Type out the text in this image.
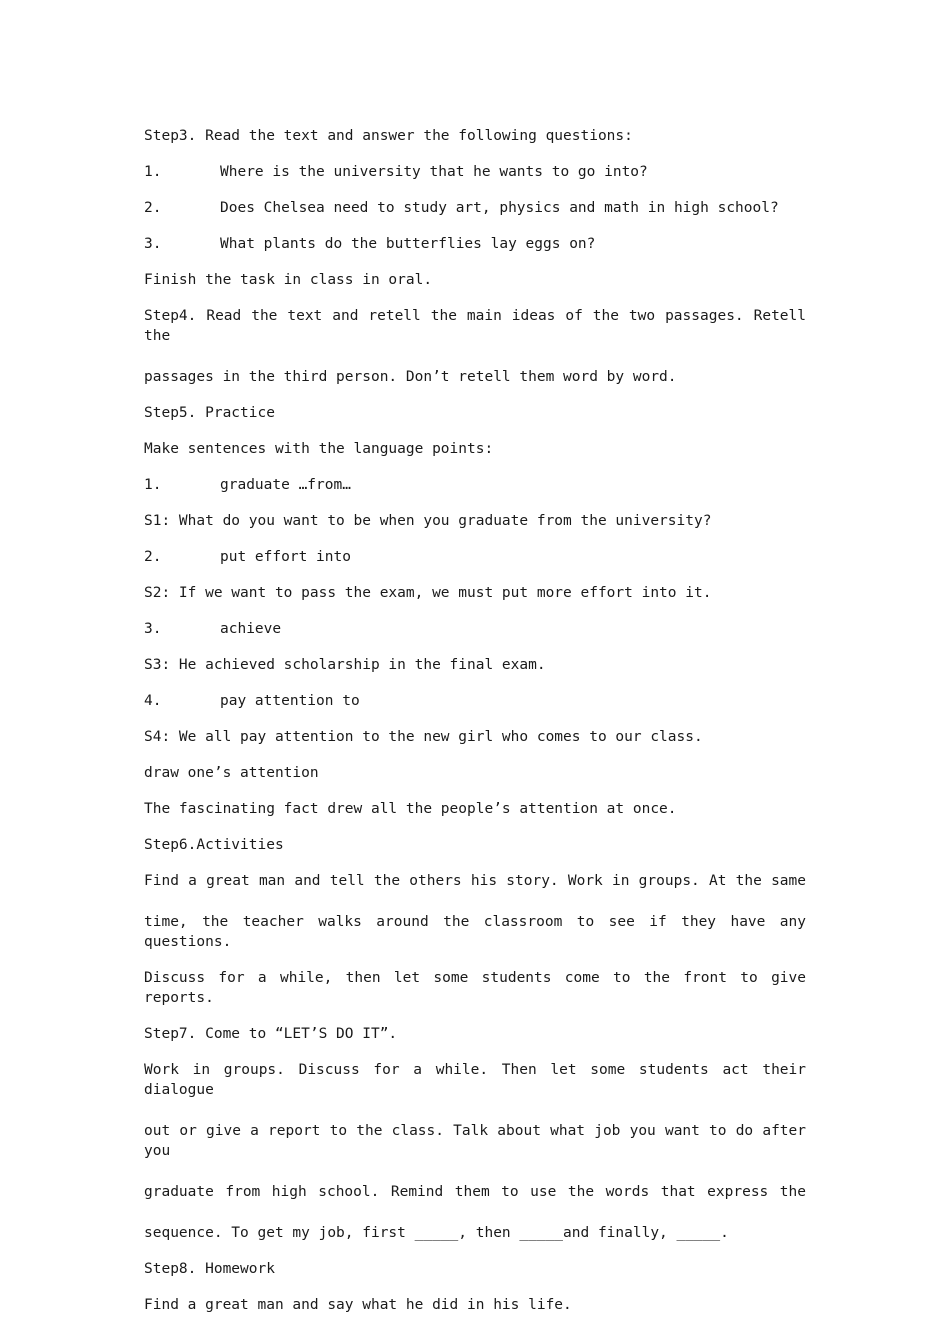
Step3. Read the text and answer the following questions:
1.	Where is the university that he wants to go into?
2.	Does Chelsea need to study art, physics and math in high school?
3.	What plants do the butterflies lay eggs on?
Finish the task in class in oral.
Step4. Read the text and retell the main ideas of the two passages. Retell the
passages in the third person. Don’t retell them word by word.
Step5. Practice
Make sentences with the language points:
1.	graduate …from…
S1: What do you want to be when you graduate from the university?
2.	put effort into
S2: If we want to pass the exam, we must put more effort into it.
3.	achieve
S3: He achieved scholarship in the final exam.
4.	pay attention to
S4: We all pay attention to the new girl who comes to our class.
draw one’s attention
The fascinating fact drew all the people’s attention at once.
Step6.Activities
Find a great man and tell the others his story. Work in groups. At the same
time, the teacher walks around the classroom to see if they have any questions.
Discuss for a while, then let some students come to the front to give reports.
Step7. Come to “LET’S DO IT”.
Work in groups. Discuss for a while. Then let some students act their dialogue
out or give a report to the class. Talk about what job you want to do after you
graduate from high school. Remind them to use the words that express the
sequence. To get my job, first _____, then _____and finally, _____.
Step8. Homework
Find a great man and say what he did in his life.
